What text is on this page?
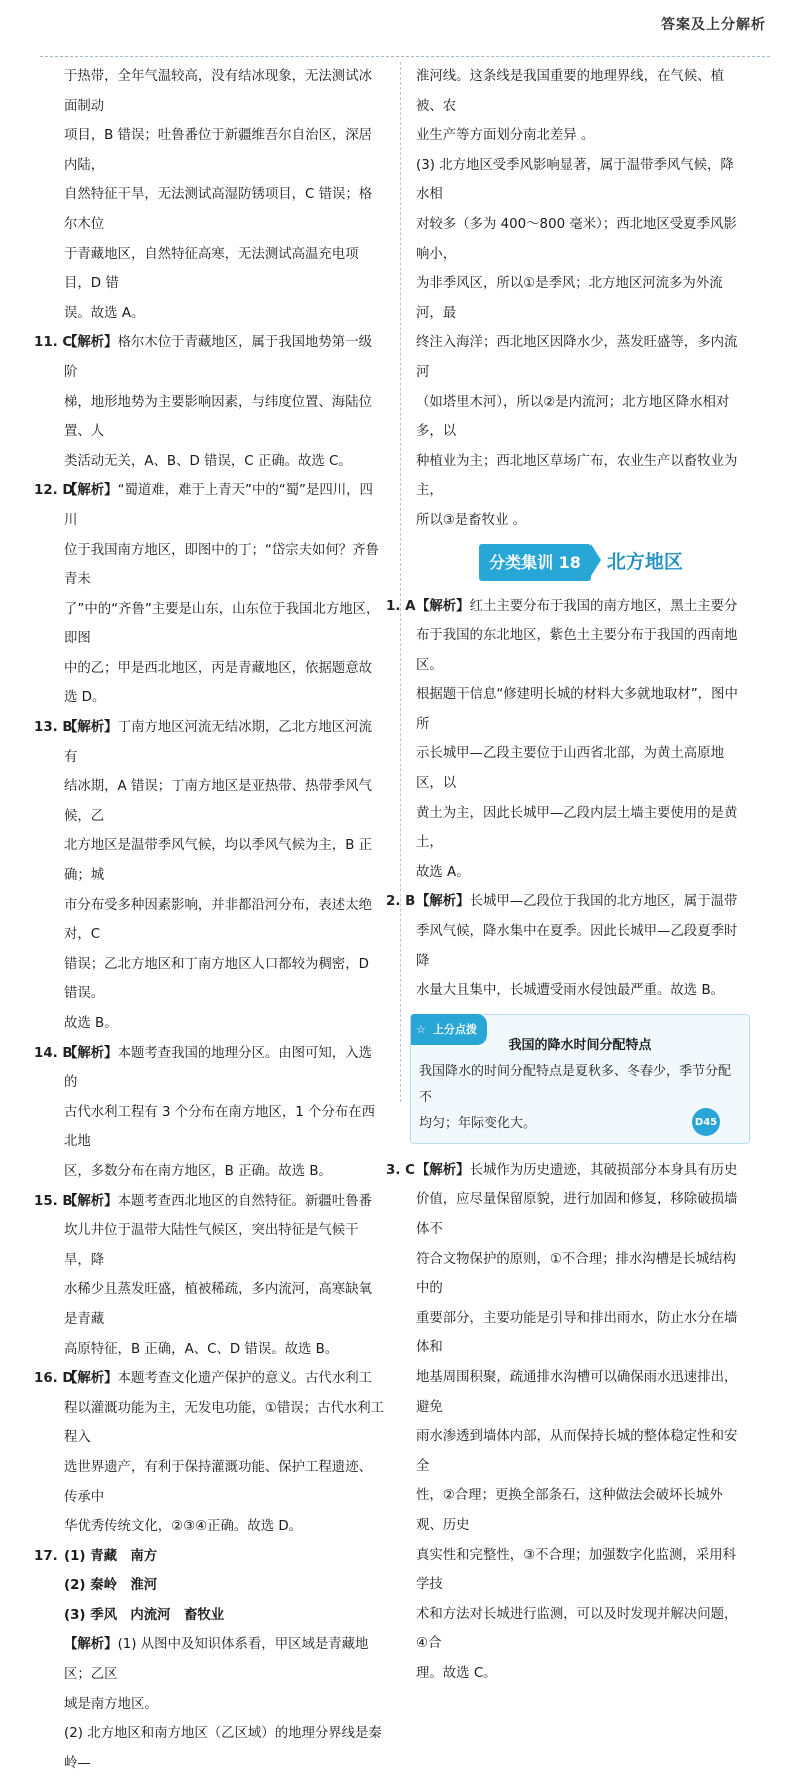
答案及上分解析
于热带，全年气温较高，没有结冰现象，无法测试冰面制动
项目，B 错误；吐鲁番位于新疆维吾尔自治区，深居内陆，
自然特征干旱，无法测试高湿防锈项目，C 错误；格尔木位
于青藏地区，自然特征高寒，无法测试高温充电项目，D 错
误。故选 A。
11. C
【解析】格尔木位于青藏地区，属于我国地势第一级阶
梯，地形地势为主要影响因素，与纬度位置、海陆位置、人
类活动无关，A、B、D 错误，C 正确。故选 C。
12. D
【解析】“蜀道难，难于上青天”中的“蜀”是四川，四川
位于我国南方地区，即图中的丁；“岱宗夫如何？齐鲁青未
了”中的“齐鲁”主要是山东，山东位于我国北方地区，即图
中的乙；甲是西北地区，丙是青藏地区，依据题意故选 D。
13. B
【解析】丁南方地区河流无结冰期，乙北方地区河流有
结冰期，A 错误；丁南方地区是亚热带、热带季风气候，乙
北方地区是温带季风气候，均以季风气候为主，B 正确；城
市分布受多种因素影响，并非都沿河分布，表述太绝对，C
错误；乙北方地区和丁南方地区人口都较为稠密，D 错误。
故选 B。
14. B
【解析】本题考查我国的地理分区。由图可知，入选的
古代水利工程有 3 个分布在南方地区，1 个分布在西北地
区，多数分布在南方地区，B 正确。故选 B。
15. B
【解析】本题考查西北地区的自然特征。新疆吐鲁番
坎儿井位于温带大陆性气候区，突出特征是气候干旱，降
水稀少且蒸发旺盛，植被稀疏，多内流河，高寒缺氧是青藏
高原特征，B 正确，A、C、D 错误。故选 B。
16. D
【解析】本题考查文化遗产保护的意义。古代水利工
程以灌溉功能为主，无发电功能，①错误；古代水利工程入
选世界遗产，有利于保持灌溉功能、保护工程遗迹、传承中
华优秀传统文化，②③④正确。故选 D。
17. (1) 青藏　南方
(2) 秦岭　淮河
(3) 季风　内流河　畜牧业
【解析】(1) 从图中及知识体系看，甲区域是青藏地区；乙区
域是南方地区。
(2) 北方地区和南方地区（乙区域）的地理分界线是秦岭—
淮河线。这条线是我国重要的地理界线，在气候、植被、农
业生产等方面划分南北差异 。
(3) 北方地区受季风影响显著，属于温带季风气候，降水相
对较多（多为 400～800 毫米）；西北地区受夏季风影响小，
为非季风区，所以①是季风；北方地区河流多为外流河，最
终注入海洋；西北地区因降水少，蒸发旺盛等，多内流河
（如塔里木河），所以②是内流河；北方地区降水相对多，以
种植业为主；西北地区草场广布，农业生产以畜牧业为主，
所以③是畜牧业 。
分类集训 18	北方地区
1. A 【解析】红土主要分布于我国的南方地区，黑土主要分
布于我国的东北地区，紫色土主要分布于我国的西南地区。
根据题干信息“修建明长城的材料大多就地取材”，图中所
示长城甲—乙段主要位于山西省北部，为黄土高原地区，以
黄土为主，因此长城甲—乙段内层土墙主要使用的是黄土，
故选 A。
2. B 【解析】长城甲—乙段位于我国的北方地区，属于温带
季风气候，降水集中在夏季。因此长城甲—乙段夏季时降
水量大且集中，长城遭受雨水侵蚀最严重。故选 B。
☆ 上分点拨
我国的降水时间分配特点
我国降水的时间分配特点是夏秋多、冬春少，季节分配不
均匀；年际变化大。
3. C 【解析】长城作为历史遗迹，其破损部分本身具有历史
价值，应尽量保留原貌，进行加固和修复，移除破损墙体不
符合文物保护的原则，①不合理；排水沟槽是长城结构中的
重要部分，主要功能是引导和排出雨水，防止水分在墙体和
地基周围积聚，疏通排水沟槽可以确保雨水迅速排出，避免
雨水渗透到墙体内部，从而保持长城的整体稳定性和安全
性，②合理；更换全部条石，这种做法会破坏长城外观、历史
真实性和完整性，③不合理；加强数字化监测，采用科学技
术和方法对长城进行监测，可以及时发现并解决问题，④合
理。故选 C。
D45
